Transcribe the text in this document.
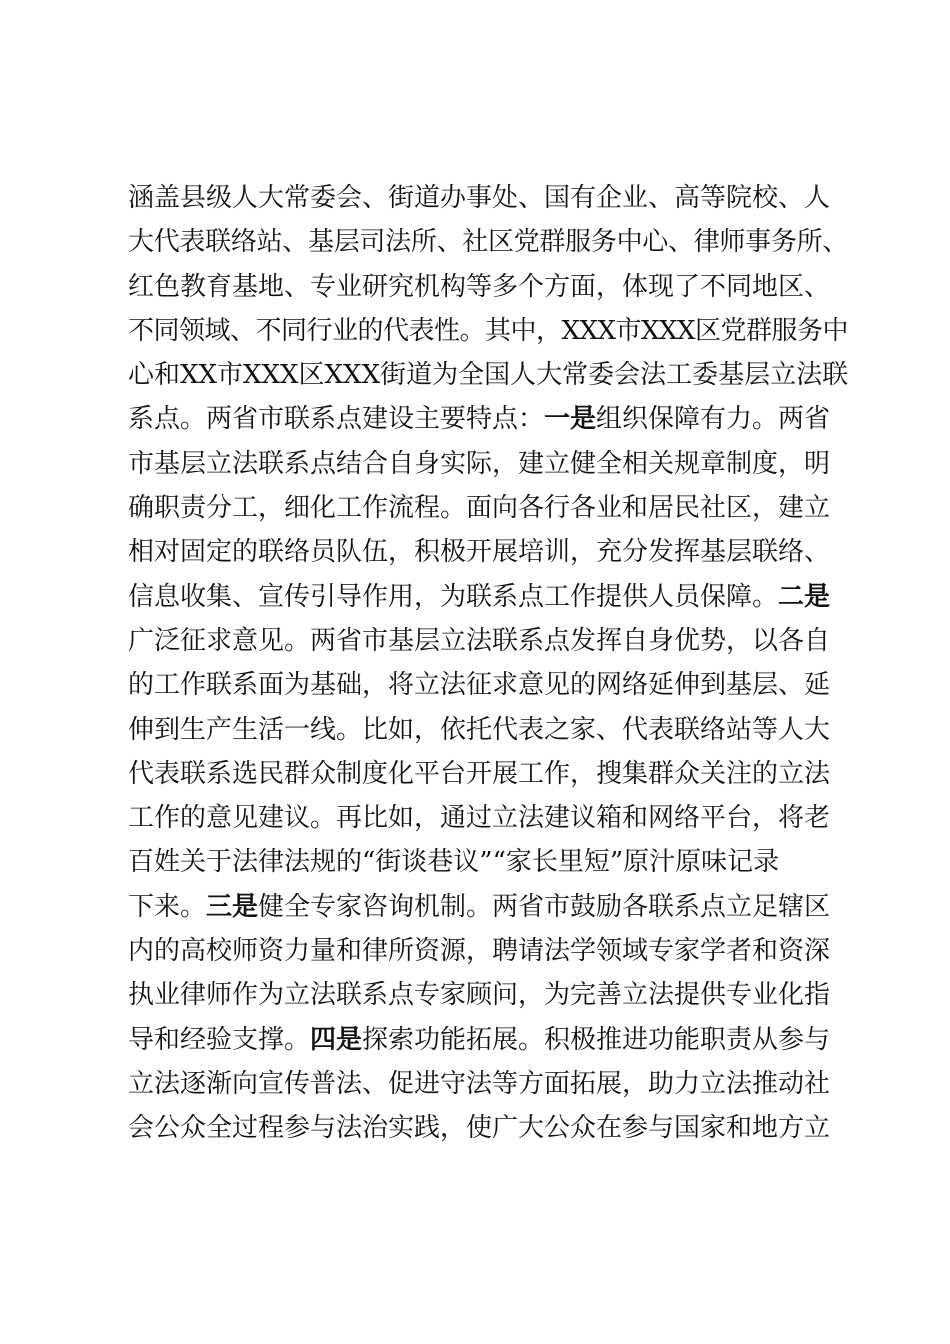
涵盖县级人大常委会、街道办事处、国有企业、高等院校、人
大代表联络站、基层司法所、社区党群服务中心、律师事务所、
红色教育基地、专业研究机构等多个方面，体现了不同地区、
不同领域、不同行业的代表性。其中，XXX市XXX区党群服务中
心和XX市XXX区XXX街道为全国人大常委会法工委基层立法联
系点。两省市联系点建设主要特点：一是组织保障有力。两省
市基层立法联系点结合自身实际，建立健全相关规章制度，明
确职责分工，细化工作流程。面向各行各业和居民社区，建立
相对固定的联络员队伍，积极开展培训，充分发挥基层联络、
信息收集、宣传引导作用，为联系点工作提供人员保障。二是
广泛征求意见。两省市基层立法联系点发挥自身优势，以各自
的工作联系面为基础，将立法征求意见的网络延伸到基层、延
伸到生产生活一线。比如，依托代表之家、代表联络站等人大
代表联系选民群众制度化平台开展工作，搜集群众关注的立法
工作的意见建议。再比如，通过立法建议箱和网络平台，将老
百姓关于法律法规的“街谈巷议”“家长里短”原汁原味记录
下来。三是健全专家咨询机制。两省市鼓励各联系点立足辖区
内的高校师资力量和律所资源，聘请法学领域专家学者和资深
执业律师作为立法联系点专家顾问，为完善立法提供专业化指
导和经验支撑。四是探索功能拓展。积极推进功能职责从参与
立法逐渐向宣传普法、促进守法等方面拓展，助力立法推动社
会公众全过程参与法治实践，使广大公众在参与国家和地方立
